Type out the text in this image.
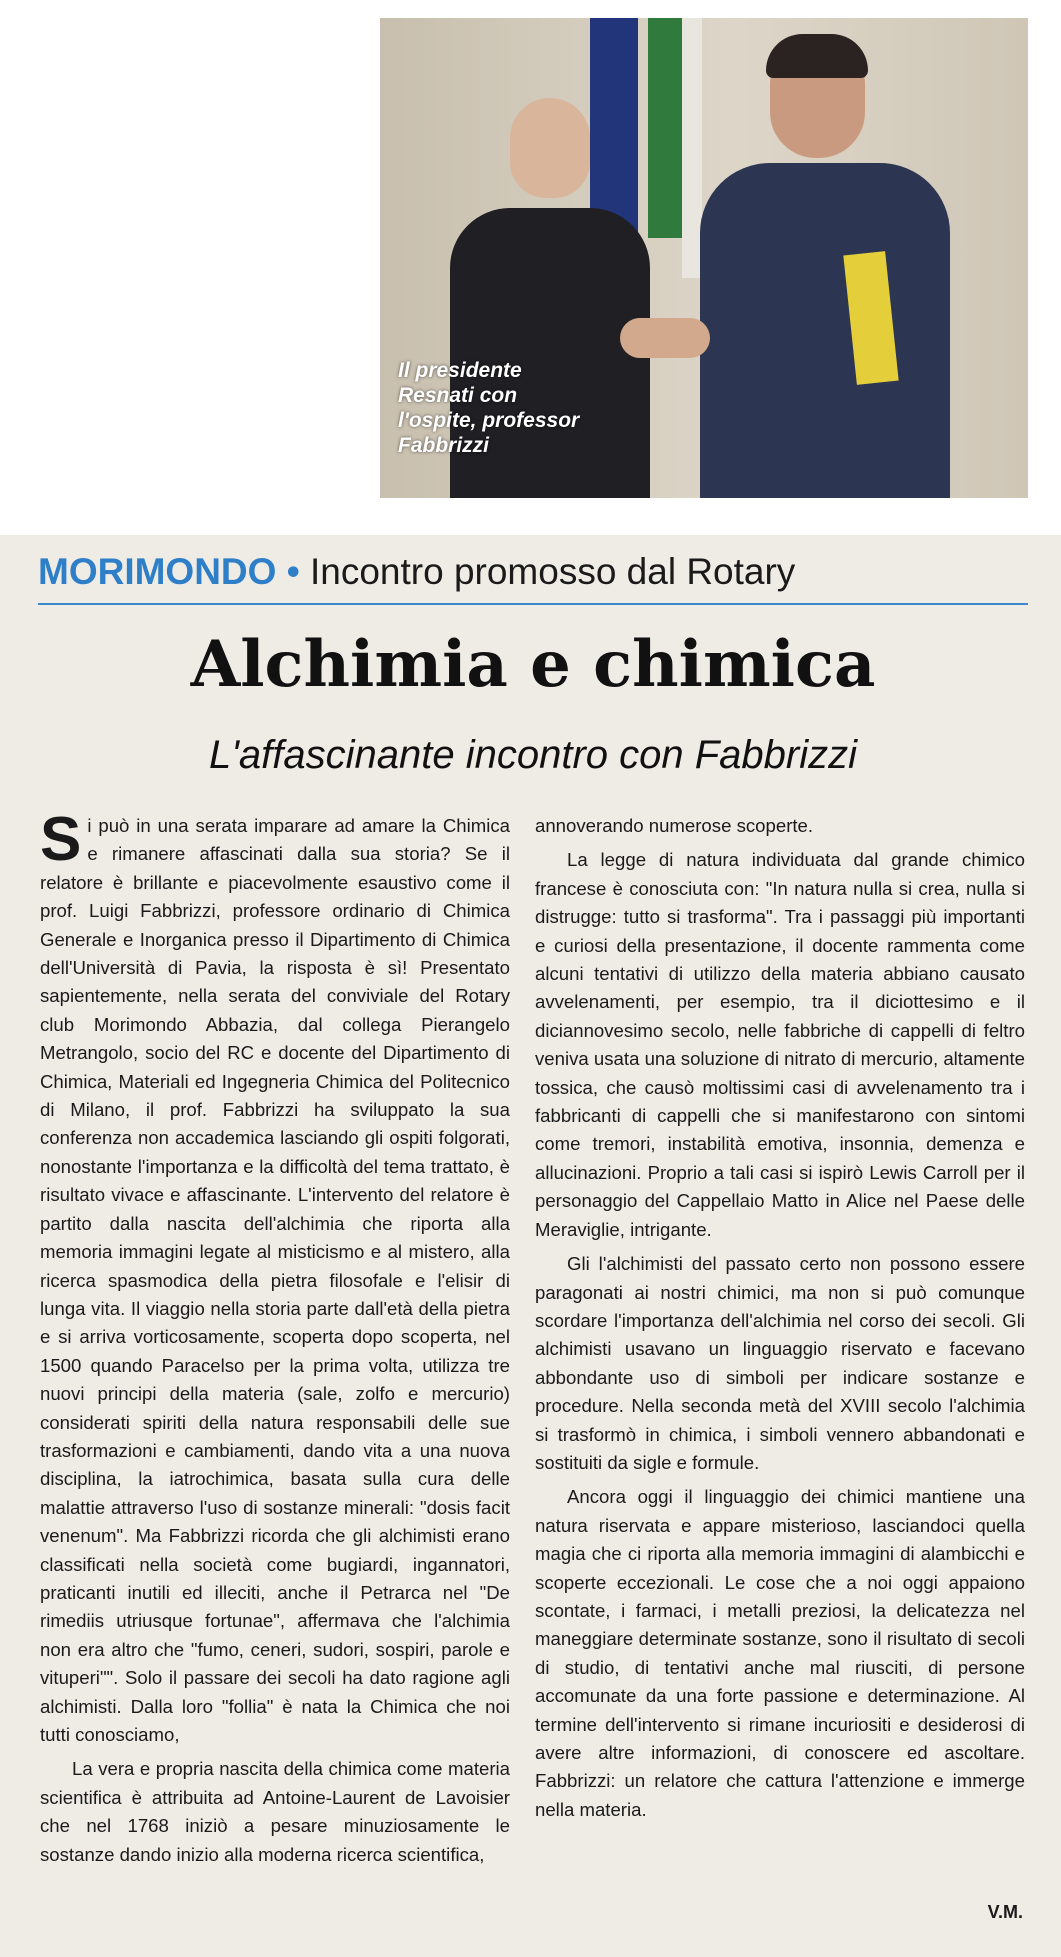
Il presidente
Resnati con
l'ospite, professor
Fabbrizzi
MORIMONDO • Incontro promosso dal Rotary
Alchimia e chimica
L'affascinante incontro con Fabbrizzi

Si può in una serata imparare ad amare la Chimica e rimanere affascinati dalla sua storia? Se il relatore è brillante e piacevolmente esaustivo come il prof. Luigi Fabbrizzi, professore ordinario di Chimica Generale e Inorganica presso il Dipartimento di Chimica dell'Università di Pavia, la risposta è sì! Presentato sapientemente, nella serata del conviviale del Rotary club Morimondo Abbazia, dal collega Pierangelo Metrangolo, socio del RC e docente del Dipartimento di Chimica, Materiali ed Ingegneria Chimica del Politecnico di Milano, il prof. Fabbrizzi ha sviluppato la sua conferenza non accademica lasciando gli ospiti folgorati, nonostante l'importanza e la difficoltà del tema trattato, è risultato vivace e affascinante. L'intervento del relatore è partito dalla nascita dell'alchimia che riporta alla memoria immagini legate al misticismo e al mistero, alla ricerca spasmodica della pietra filosofale e l'elisir di lunga vita. Il viaggio nella storia parte dall'età della pietra e si arriva vorticosamente, scoperta dopo scoperta, nel 1500 quando Paracelso per la prima volta, utilizza tre nuovi principi della materia (sale, zolfo e mercurio) considerati spiriti della natura responsabili delle sue trasformazioni e cambiamenti, dando vita a una nuova disciplina, la iatrochimica, basata sulla cura delle malattie attraverso l'uso di sostanze minerali: "dosis facit venenum". Ma Fabbrizzi ricorda che gli alchimisti erano classificati nella società come bugiardi, ingannatori, praticanti inutili ed illeciti, anche il Petrarca nel "De rimediis utriusque fortunae", affermava che l'alchimia non era altro che "fumo, ceneri, sudori, sospiri, parole e vituperi"". Solo il passare dei secoli ha dato ragione agli alchimisti. Dalla loro "follia" è nata la Chimica che noi tutti conosciamo,

La vera e propria nascita della chimica come materia scientifica è attribuita ad Antoine-Laurent de Lavoisier che nel 1768 iniziò a pesare minuziosamente le sostanze dando inizio alla moderna ricerca scientifica,

annoverando numerose scoperte.

La legge di natura individuata dal grande chimico francese è conosciuta con: "In natura nulla si crea, nulla si distrugge: tutto si trasforma". Tra i passaggi più importanti e curiosi della presentazione, il docente rammenta come alcuni tentativi di utilizzo della materia abbiano causato avvelenamenti, per esempio, tra il diciottesimo e il diciannovesimo secolo, nelle fabbriche di cappelli di feltro veniva usata una soluzione di nitrato di mercurio, altamente tossica, che causò moltissimi casi di avvelenamento tra i fabbricanti di cappelli che si manifestarono con sintomi come tremori, instabilità emotiva, insonnia, demenza e allucinazioni. Proprio a tali casi si ispirò Lewis Carroll per il personaggio del Cappellaio Matto in Alice nel Paese delle Meraviglie, intrigante.

Gli l'alchimisti del passato certo non possono essere paragonati ai nostri chimici, ma non si può comunque scordare l'importanza dell'alchimia nel corso dei secoli. Gli alchimisti usavano un linguaggio riservato e facevano abbondante uso di simboli per indicare sostanze e procedure. Nella seconda metà del XVIII secolo l'alchimia si trasformò in chimica, i simboli vennero abbandonati e sostituiti da sigle e formule.

Ancora oggi il linguaggio dei chimici mantiene una natura riservata e appare misterioso, lasciandoci quella magia che ci riporta alla memoria immagini di alambicchi e scoperte eccezionali. Le cose che a noi oggi appaiono scontate, i farmaci, i metalli preziosi, la delicatezza nel maneggiare determinate sostanze, sono il risultato di secoli di studio, di tentativi anche mal riusciti, di persone accomunate da una forte passione e determinazione. Al termine dell'intervento si rimane incuriositi e desiderosi di avere altre informazioni, di conoscere ed ascoltare. Fabbrizzi: un relatore che cattura l'attenzione e immerge nella materia.

V.M.
